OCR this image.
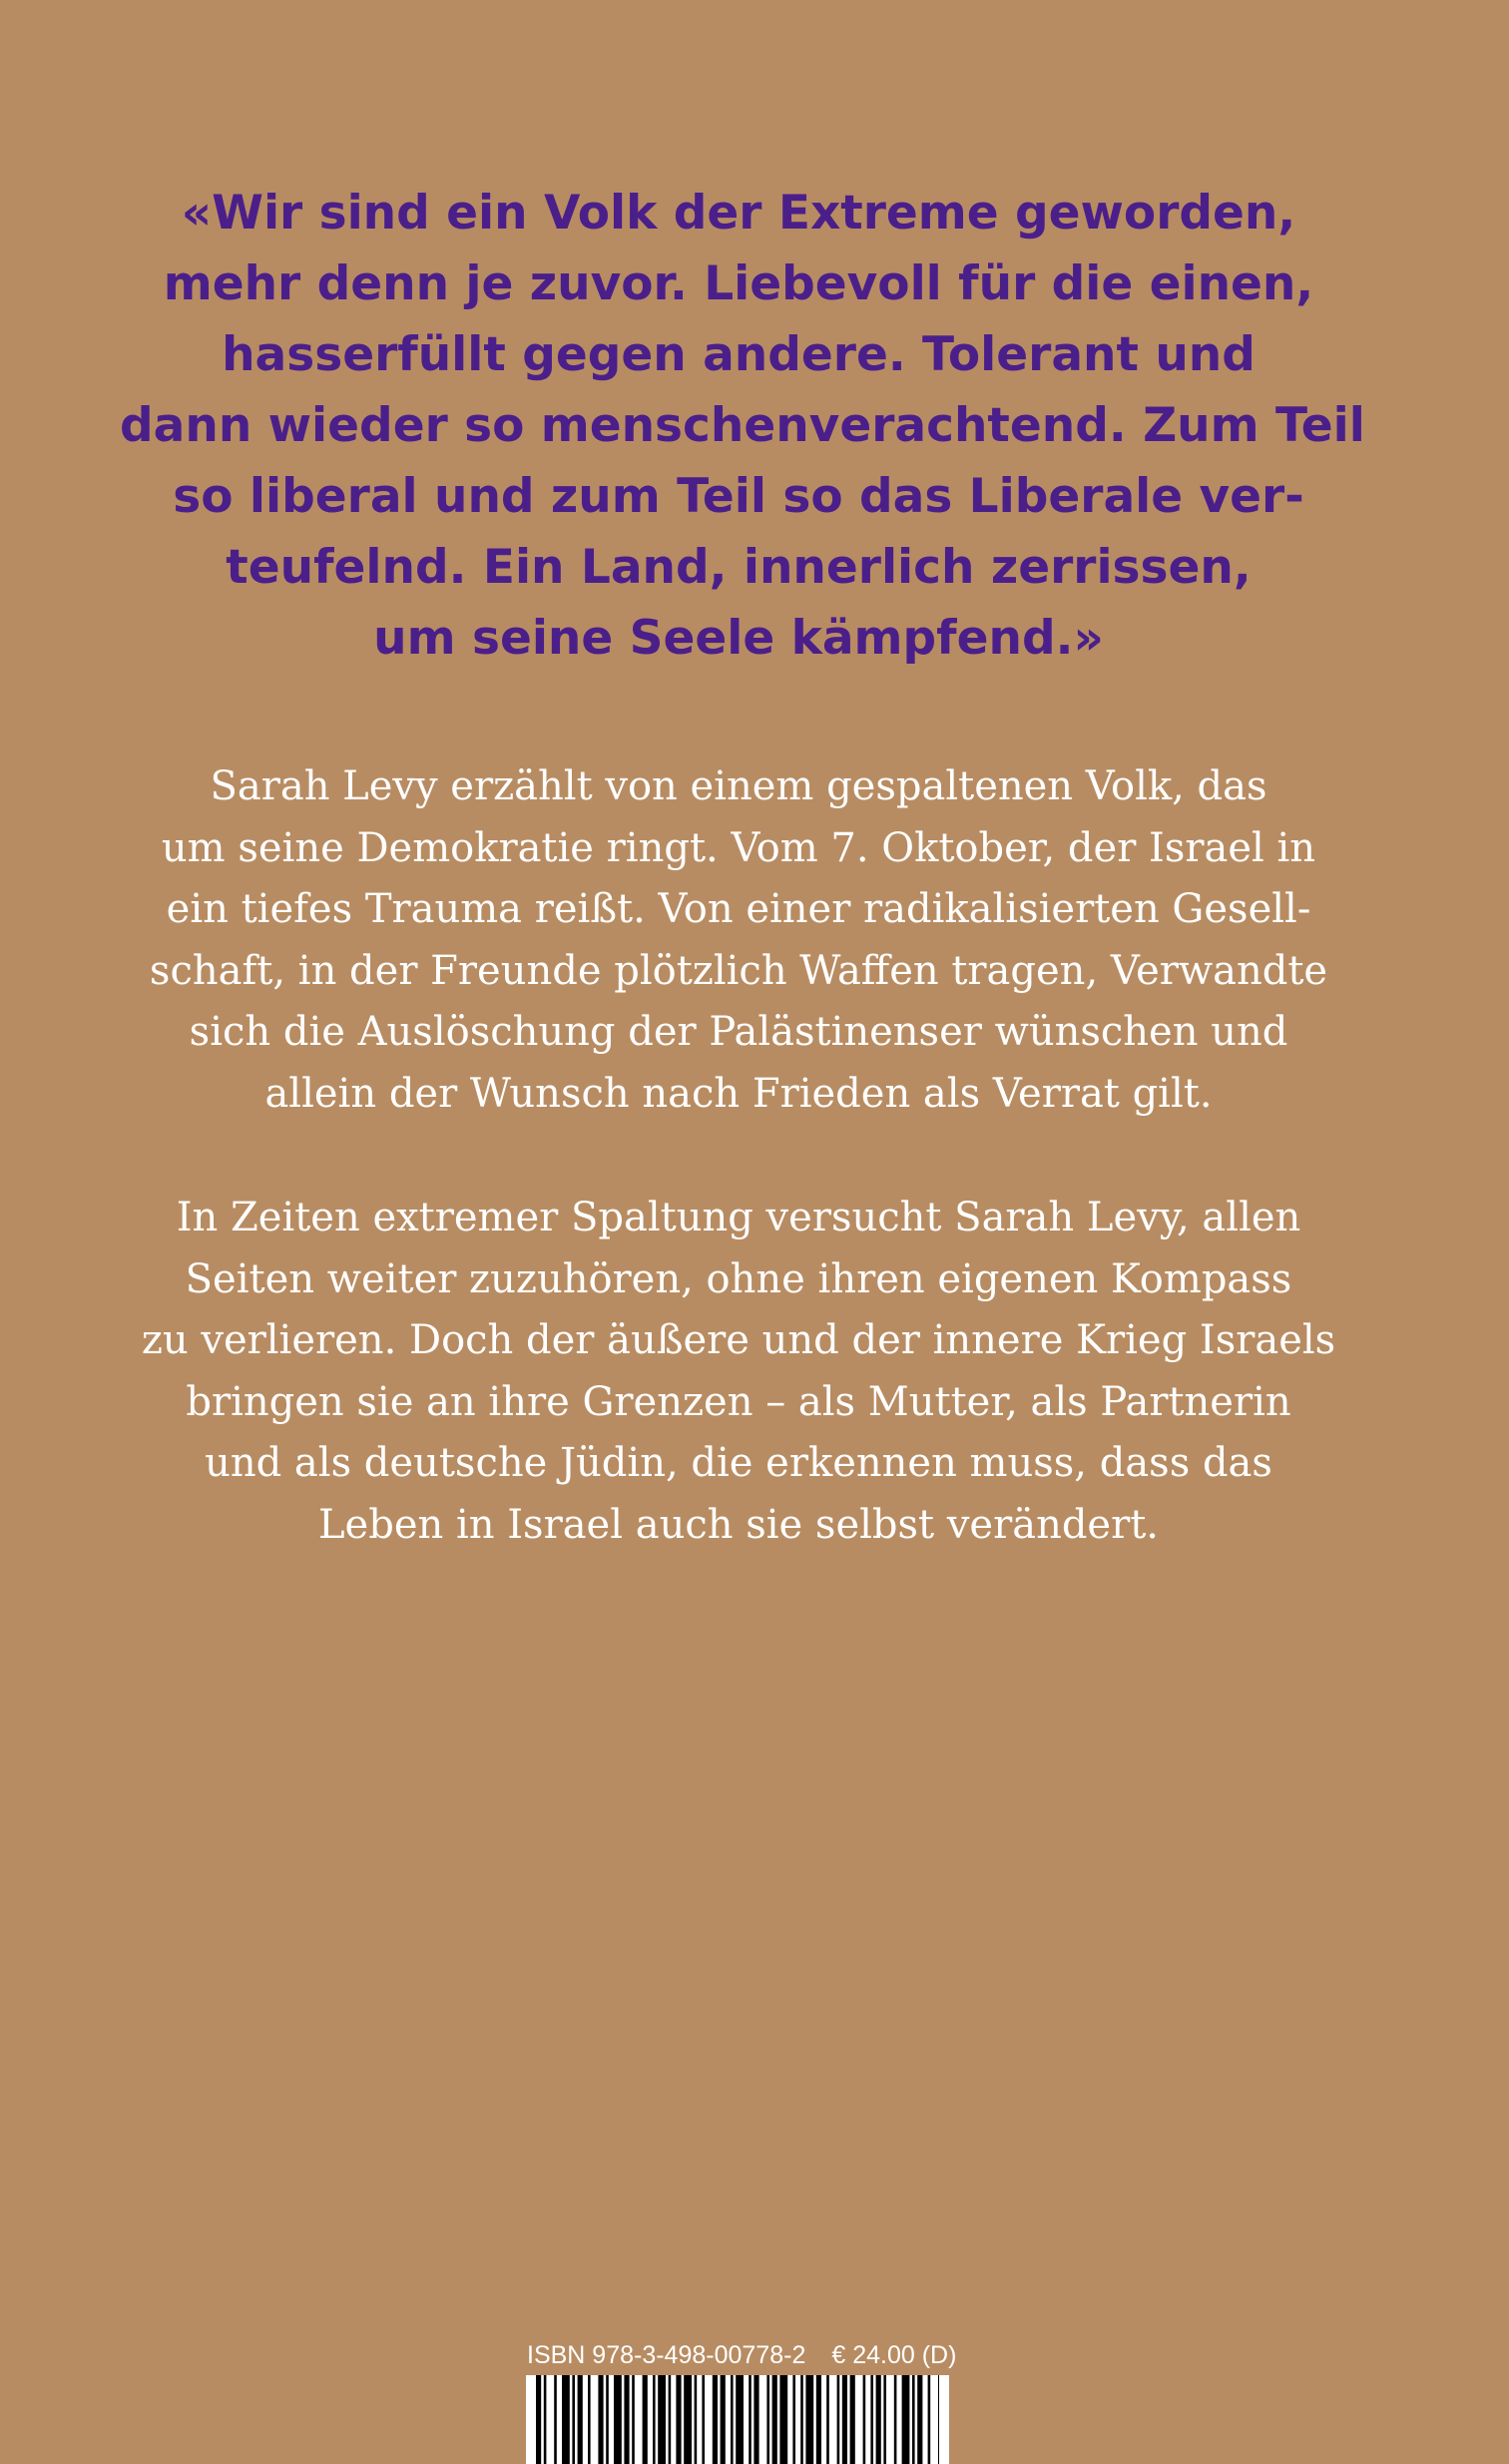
«Wir sind ein Volk der Extreme geworden,
mehr denn je zuvor. Liebevoll für die einen,
hasserfüllt gegen andere. Tolerant und
dann wieder so menschenverachtend. Zum Teil
so liberal und zum Teil so das Liberale ver-
teufelnd. Ein Land, innerlich zerrissen,
um seine Seele kämpfend.»
Sarah Levy erzählt von einem gespaltenen Volk, das
um seine Demokratie ringt. Vom 7. Oktober, der Israel in
ein tiefes Trauma reißt. Von einer radikalisierten Gesell-
schaft, in der Freunde plötzlich Waffen tragen, Verwandte
sich die Auslöschung der Palästinenser wünschen und
allein der Wunsch nach Frieden als Verrat gilt.
In Zeiten extremer Spaltung versucht Sarah Levy, allen
Seiten weiter zuzuhören, ohne ihren eigenen Kompass
zu verlieren. Doch der äußere und der innere Krieg Israels
bringen sie an ihre Grenzen – als Mutter, als Partnerin
und als deutsche Jüdin, die erkennen muss, dass das
Leben in Israel auch sie selbst verändert.
ISBN 978-3-498-00778-2 € 24.00 (D)
